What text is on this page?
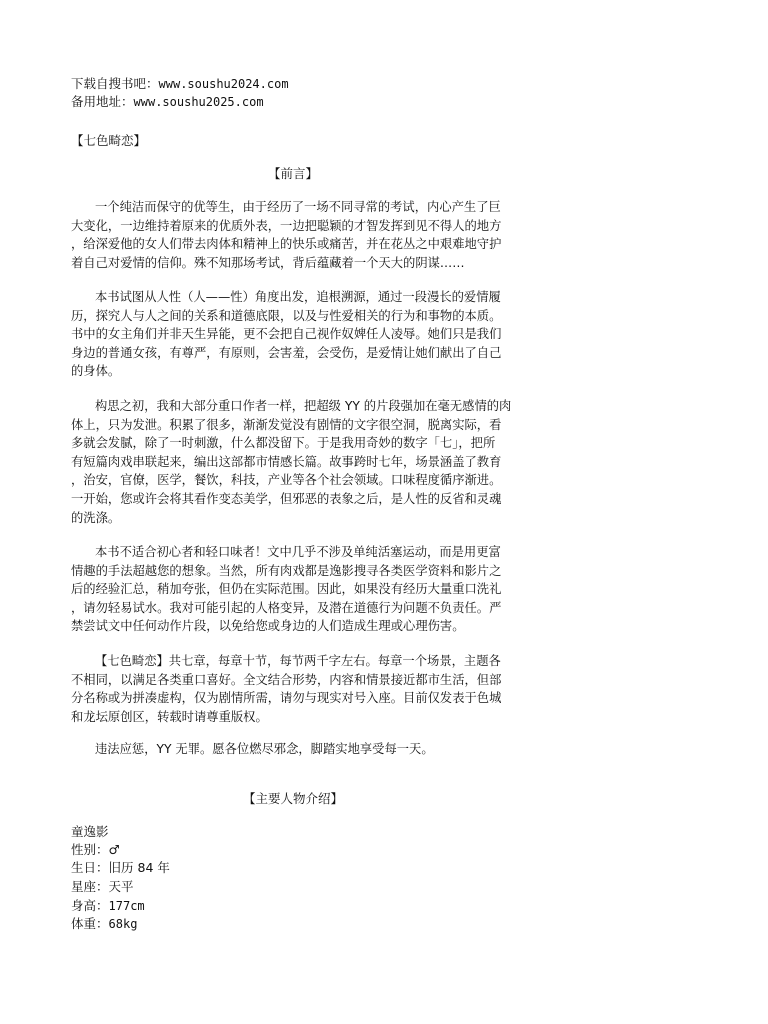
下载自搜书吧：www.soushu2024.com
备用地址：www.soushu2025.com
【七色畸恋】
【前言】
一个纯洁而保守的优等生，由于经历了一场不同寻常的考试，内心产生了巨
大变化，一边维持着原来的优质外表，一边把聪颖的才智发挥到见不得人的地方
，给深爱他的女人们带去肉体和精神上的快乐或痛苦，并在花丛之中艰难地守护
着自己对爱情的信仰。殊不知那场考试，背后蕴藏着一个天大的阴谋……
本书试图从人性（人——性）角度出发，追根溯源，通过一段漫长的爱情履
历，探究人与人之间的关系和道德底限，以及与性爱相关的行为和事物的本质。
书中的女主角们并非天生异能，更不会把自己视作奴婢任人凌辱。她们只是我们
身边的普通女孩，有尊严，有原则，会害羞，会受伤，是爱情让她们献出了自己
的身体。
构思之初，我和大部分重口作者一样，把超级 YY 的片段强加在毫无感情的肉
体上，只为发泄。积累了很多，渐渐发觉没有剧情的文字很空洞，脱离实际，看
多就会发腻，除了一时刺激，什么都没留下。于是我用奇妙的数字「七」，把所
有短篇肉戏串联起来，编出这部都市情感长篇。故事跨时七年，场景涵盖了教育
，治安，官僚，医学，餐饮，科技，产业等各个社会领域。口味程度循序渐进。
一开始，您或许会将其看作变态美学，但邪恶的表象之后，是人性的反省和灵魂
的洗涤。
本书不适合初心者和轻口味者！文中几乎不涉及单纯活塞运动，而是用更富
情趣的手法超越您的想象。当然，所有肉戏都是逸影搜寻各类医学资料和影片之
后的经验汇总，稍加夸张，但仍在实际范围。因此，如果没有经历大量重口洗礼
，请勿轻易试水。我对可能引起的人格变异，及潜在道德行为问题不负责任。严
禁尝试文中任何动作片段，以免给您或身边的人们造成生理或心理伤害。
【七色畸恋】共七章，每章十节，每节两千字左右。每章一个场景，主题各
不相同，以满足各类重口喜好。全文结合形势，内容和情景接近都市生活，但部
分名称或为拼凑虚构，仅为剧情所需，请勿与现实对号入座。目前仅发表于色城
和龙坛原创区，转载时请尊重版权。
违法应惩，YY 无罪。愿各位燃尽邪念，脚踏实地享受每一天。
【主要人物介绍】
童逸影
性别：♂
生日：旧历 84 年
星座：天平
身高：177cm
体重：68kg
